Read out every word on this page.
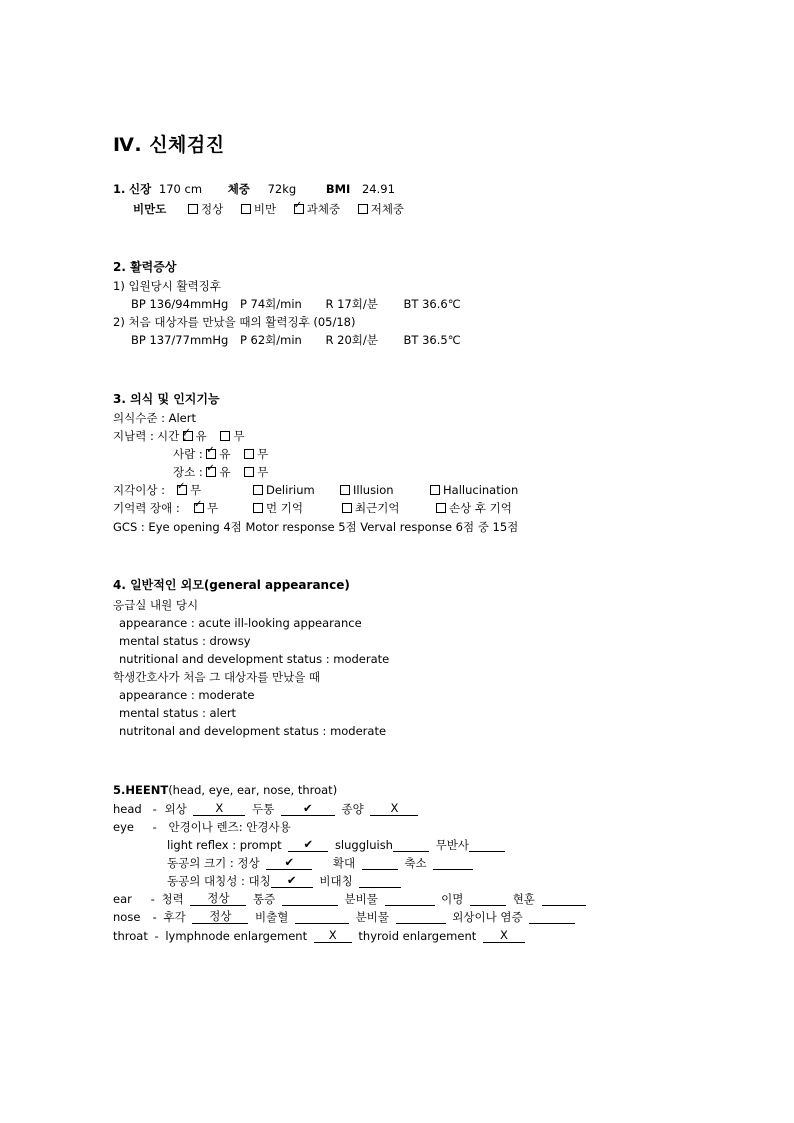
Ⅳ. 신체검진
1. 신장 170 cm 체중 72kg	BMI 24.91
비만도	정상	비만 ✓	과체중	저체중
2. 활력증상
1) 입원당시 활력징후
BP 136/94mmHg P 74회/min R 17회/분 BT 36.6℃
2) 처음 대상자를 만났을 때의 활력징후 (05/18)
BP 137/77mmHg P 62회/min R 20회/분 BT 36.5℃
3. 의식 및 인지기능
의식수준 : Alert
지남력 : 시간 : ✓ 유 무
사람 : ✓ 유 무
장소 : ✓ 유 무
지각이상 : ✓	무	Delirium	Illusion	Hallucination
기억력 장애 : ✓	무	먼 기억	최근기억	손상 후 기억
GCS : Eye opening 4점 Motor response 5점 Verval response 6점 중 15점
4. 일반적인 외모(general appearance)
응급실 내원 당시
appearance : acute ill-looking appearance
mental status : drowsy
nutritional and development status : moderate
학생간호사가 처음 그 대상자를 만났을 때
appearance : moderate
mental status : alert
nutritonal and development status : moderate
5.HEENT(head, eye, ear, nose, throat)
head - 외상 X 두통	✔	종양 X
eye - 안경이나 렌즈: 안경사용
light reflex : prompt ✔ sluggluish	무반사
동공의 크기 : 정상 ✔	확대	축소
동공의 대칭성 : 대칭 ✔ 비대칭
ear - 청력 정상 통증	분비물	이명	현훈
nose - 후각 정상 비출혈	분비물	외상이나 염증
throat - lymphnode enlargement X thyroid enlargement X
